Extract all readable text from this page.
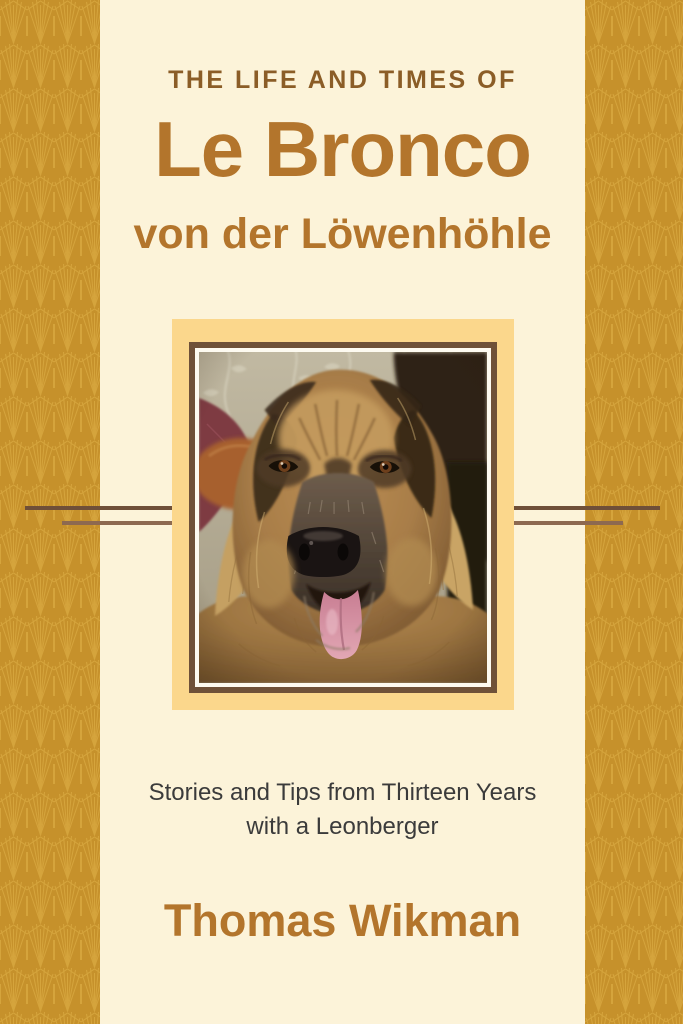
THE LIFE AND TIMES OF
Le Bronco
von der Löwenhöhle
Stories and Tips from Thirteen Years
with a Leonberger
Thomas Wikman
